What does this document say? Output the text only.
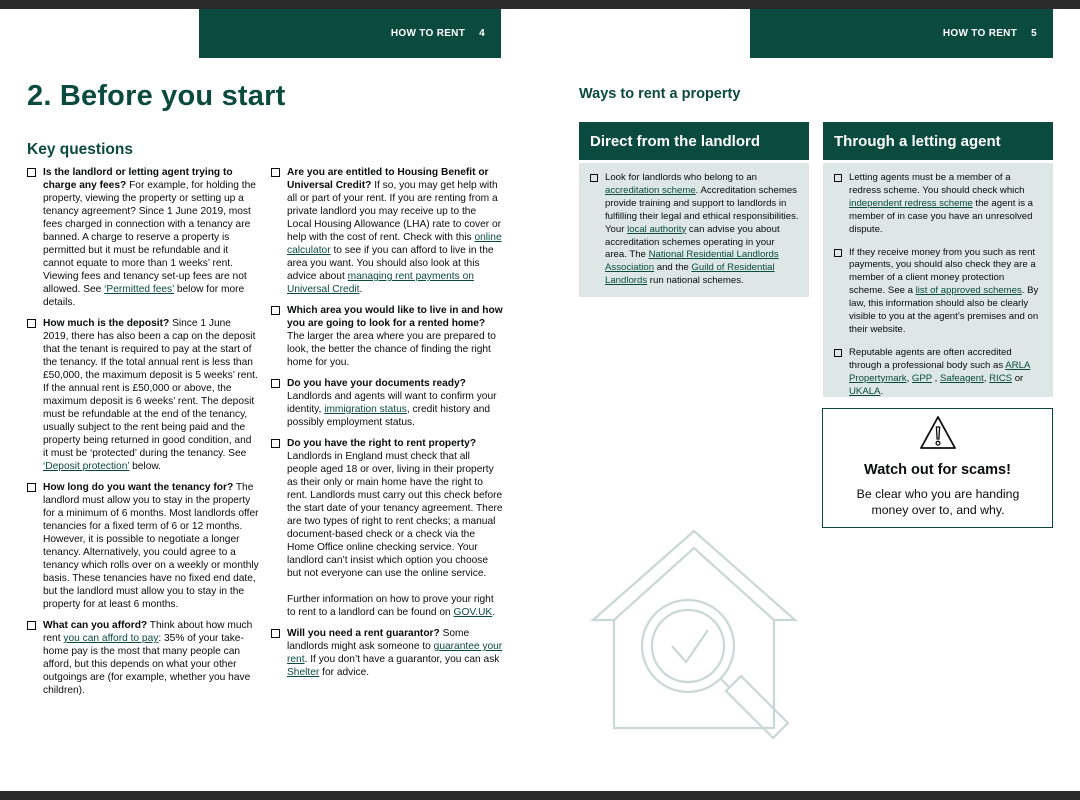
HOW TO RENT 4	HOW TO RENT 5
2. Before you start
Key questions
Is the landlord or letting agent trying to charge any fees? For example, for holding the property, viewing the property or setting up a tenancy agreement? Since 1 June 2019, most fees charged in connection with a tenancy are banned. A charge to reserve a property is permitted but it must be refundable and it cannot equate to more than 1 weeks’ rent. Viewing fees and tenancy set-up fees are not allowed. See ‘Permitted fees’ below for more details.
How much is the deposit? Since 1 June 2019, there has also been a cap on the deposit that the tenant is required to pay at the start of the tenancy. If the total annual rent is less than £50,000, the maximum deposit is 5 weeks’ rent. If the annual rent is £50,000 or above, the maximum deposit is 6 weeks’ rent. The deposit must be refundable at the end of the tenancy, usually subject to the rent being paid and the property being returned in good condition, and it must be ‘protected’ during the tenancy. See ‘Deposit protection’ below.
How long do you want the tenancy for? The landlord must allow you to stay in the property for a minimum of 6 months. Most landlords offer tenancies for a fixed term of 6 or 12 months. However, it is possible to negotiate a longer tenancy. Alternatively, you could agree to a tenancy which rolls over on a weekly or monthly basis. These tenancies have no fixed end date, but the landlord must allow you to stay in the property for at least 6 months.
What can you afford? Think about how much rent you can afford to pay: 35% of your take-home pay is the most that many people can afford, but this depends on what your other outgoings are (for example, whether you have children).
Are you are entitled to Housing Benefit or Universal Credit? If so, you may get help with all or part of your rent. If you are renting from a private landlord you may receive up to the Local Housing Allowance (LHA) rate to cover or help with the cost of rent. Check with this online calculator to see if you can afford to live in the area you want. You should also look at this advice about managing rent payments on Universal Credit.
Which area you would like to live in and how you are going to look for a rented home? The larger the area where you are prepared to look, the better the chance of finding the right home for you.
Do you have your documents ready? Landlords and agents will want to confirm your identity, immigration status, credit history and possibly employment status.
Do you have the right to rent property? Landlords in England must check that all people aged 18 or over, living in their property as their only or main home have the right to rent. Landlords must carry out this check before the start date of your tenancy agreement. There are two types of right to rent checks; a manual document-based check or a check via the Home Office online checking service. Your landlord can’t insist which option you choose but not everyone can use the online service.
Further information on how to prove your right to rent to a landlord can be found on GOV.UK.
Will you need a rent guarantor? Some landlords might ask someone to guarantee your rent. If you don’t have a guarantor, you can ask Shelter for advice.
Ways to rent a property
Direct from the landlord
Look for landlords who belong to an accreditation scheme. Accreditation schemes provide training and support to landlords in fulfilling their legal and ethical responsibilities. Your local authority can advise you about accreditation schemes operating in your area. The National Residential Landlords Association and the Guild of Residential Landlords run national schemes.
Through a letting agent
Letting agents must be a member of a redress scheme. You should check which independent redress scheme the agent is a member of in case you have an unresolved dispute.
If they receive money from you such as rent payments, you should also check they are a member of a client money protection scheme. See a list of approved schemes. By law, this information should also be clearly visible to you at the agent’s premises and on their website.
Reputable agents are often accredited through a professional body such as ARLA Propertymark, GPP , Safeagent, RICS or UKALA.
Watch out for scams!
Be clear who you are handing money over to, and why.
